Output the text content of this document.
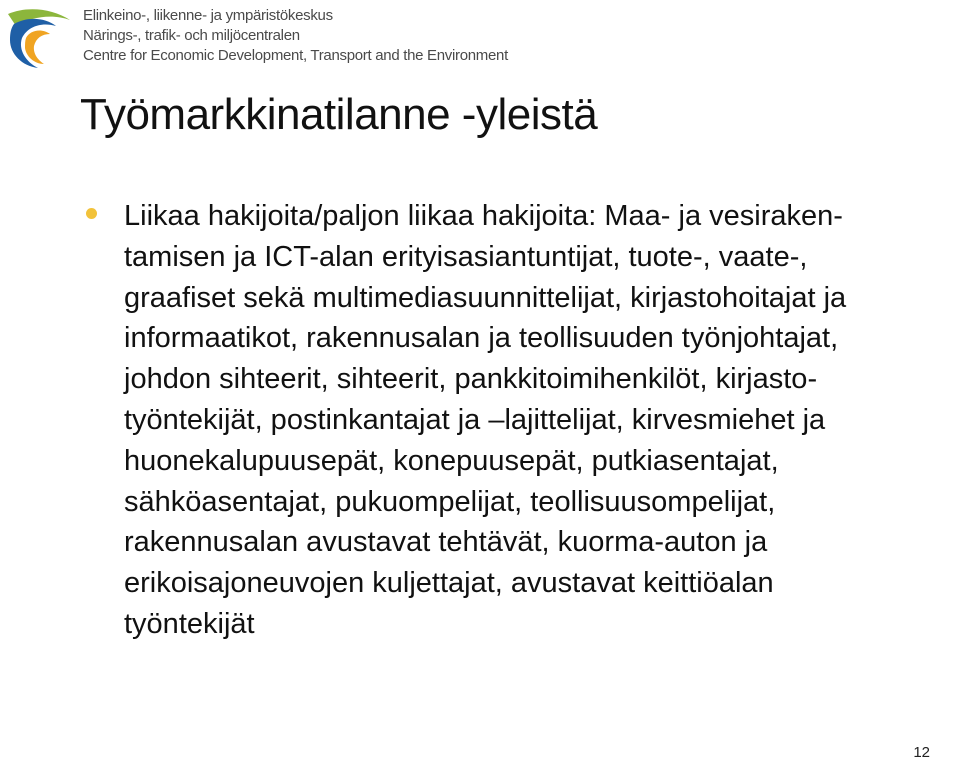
Elinkeino-, liikenne- ja ympäristökeskus
Närings-, trafik- och miljöcentralen
Centre for Economic Development, Transport and the Environment
Työmarkkinatilanne -yleistä

Liikaa hakijoita/paljon liikaa hakijoita: Maa- ja vesiraken-
tamisen ja ICT-alan erityisasiantuntijat, tuote-, vaate-,
graafiset sekä multimediasuunnittelijat, kirjastohoitajat ja
informaatikot, rakennusalan ja teollisuuden työnjohtajat,
johdon sihteerit, sihteerit, pankkitoimihenkilöt, kirjasto-
työntekijät, postinkantajat ja –lajittelijat, kirvesmiehet ja
huonekalupuusepät, konepuusepät, putkiasentajat,
sähköasentajat, pukuompelijat, teollisuusompelijat,
rakennusalan avustavat tehtävät, kuorma-auton ja
erikoisajoneuvojen kuljettajat, avustavat keittiöalan
työntekijät

12
